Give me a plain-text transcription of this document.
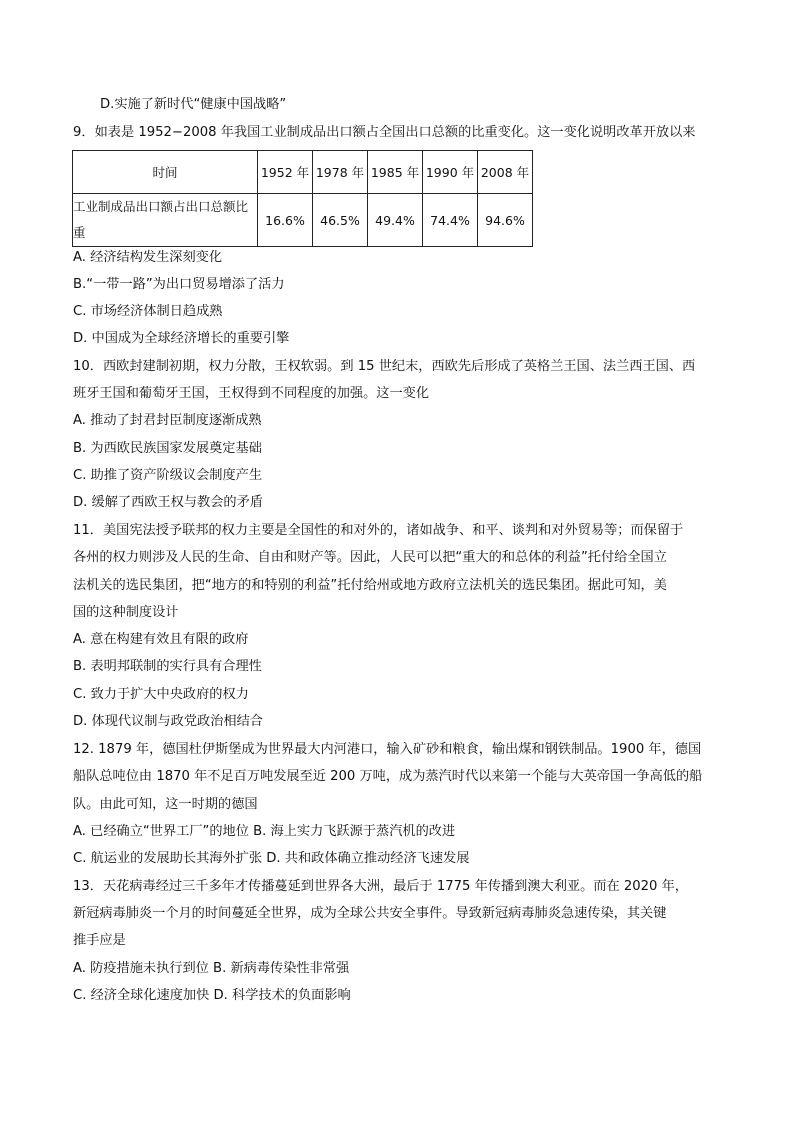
D.实施了新时代“健康中国战略”
9．如表是 1952−2008 年我国工业制成品出口额占全国出口总额的比重变化。这一变化说明改革开放以来
时间	1952 年	1978 年	1985 年	1990 年	2008 年
工业制成品出口额占出口总额比重	16.6%	46.5%	49.4%	74.4%	94.6%
A. 经济结构发生深刻变化
B.“一带一路”为出口贸易增添了活力
C. 市场经济体制日趋成熟
D. 中国成为全球经济增长的重要引擎
10．西欧封建制初期，权力分散，王权软弱。到 15 世纪末，西欧先后形成了英格兰王国、法兰西王国、西
班牙王国和葡萄牙王国，王权得到不同程度的加强。这一变化
A. 推动了封君封臣制度逐渐成熟
B. 为西欧民族国家发展奠定基础
C. 助推了资产阶级议会制度产生
D. 缓解了西欧王权与教会的矛盾
11．美国宪法授予联邦的权力主要是全国性的和对外的，诸如战争、和平、谈判和对外贸易等；而保留于
各州的权力则涉及人民的生命、自由和财产等。因此，人民可以把“重大的和总体的利益”托付给全国立
法机关的选民集团，把“地方的和特别的利益”托付给州或地方政府立法机关的选民集团。据此可知，美
国的这种制度设计
A. 意在构建有效且有限的政府
B. 表明邦联制的实行具有合理性
C. 致力于扩大中央政府的权力
D. 体现代议制与政党政治相结合
12. 1879 年，德国杜伊斯堡成为世界最大内河港口，输入矿砂和粮食，输出煤和钢铁制品。1900 年，德国
船队总吨位由 1870 年不足百万吨发展至近 200 万吨，成为蒸汽时代以来第一个能与大英帝国一争高低的船
队。由此可知，这一时期的德国
A. 已经确立“世界工厂”的地位 B. 海上实力飞跃源于蒸汽机的改进
C. 航运业的发展助长其海外扩张 D. 共和政体确立推动经济飞速发展
13．天花病毒经过三千多年才传播蔓延到世界各大洲，最后于 1775 年传播到澳大利亚。而在 2020 年，
新冠病毒肺炎一个月的时间蔓延全世界，成为全球公共安全事件。导致新冠病毒肺炎急速传染，其关键
推手应是
A. 防疫措施未执行到位 B. 新病毒传染性非常强
C. 经济全球化速度加快 D. 科学技术的负面影响
